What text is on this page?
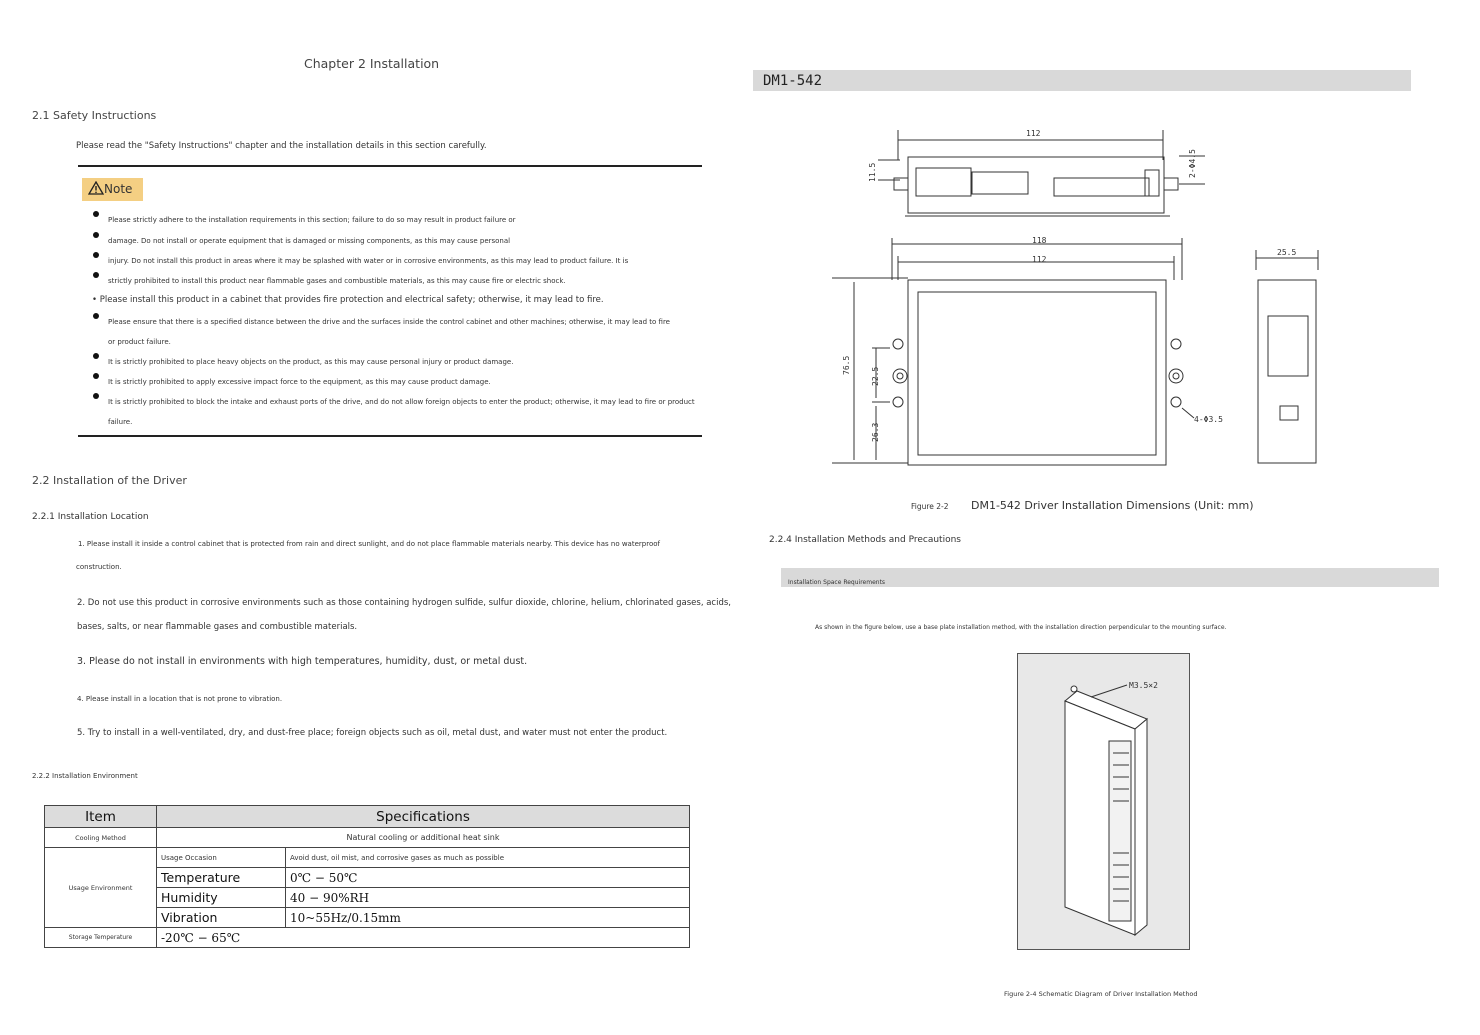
Chapter 2 Installation
2.1 Safety Instructions
Please read the "Safety Instructions" chapter and the installation details in this section carefully.
Note
Please strictly adhere to the installation requirements in this section; failure to do so may result in product failure or
damage. Do not install or operate equipment that is damaged or missing components, as this may cause personal
injury. Do not install this product in areas where it may be splashed with water or in corrosive environments, as this may lead to product failure. It is
strictly prohibited to install this product near flammable gases and combustible materials, as this may cause fire or electric shock.
• Please install this product in a cabinet that provides fire protection and electrical safety; otherwise, it may lead to fire.
Please ensure that there is a specified distance between the drive and the surfaces inside the control cabinet and other machines; otherwise, it may lead to fire
or product failure.
It is strictly prohibited to place heavy objects on the product, as this may cause personal injury or product damage.
It is strictly prohibited to apply excessive impact force to the equipment, as this may cause product damage.
It is strictly prohibited to block the intake and exhaust ports of the drive, and do not allow foreign objects to enter the product; otherwise, it may lead to fire or product
failure.
2.2 Installation of the Driver
2.2.1 Installation Location
1. Please install it inside a control cabinet that is protected from rain and direct sunlight, and do not place flammable materials nearby. This device has no waterproof
construction.
2. Do not use this product in corrosive environments such as those containing hydrogen sulfide, sulfur dioxide, chlorine, helium, chlorinated gases, acids,
bases, salts, or near flammable gases and combustible materials.
3. Please do not install in environments with high temperatures, humidity, dust, or metal dust.
4. Please install in a location that is not prone to vibration.
5. Try to install in a well-ventilated, dry, and dust-free place; foreign objects such as oil, metal dust, and water must not enter the product.
2.2.2 Installation Environment
Item	Specifications	
Cooling Method	Natural cooling or additional heat sink	
Usage Environment	Usage Occasion	Avoid dust, oil mist, and corrosive gases as much as possible
	Temperature	0℃ − 50℃
	Humidity	40 − 90%RH
	Vibration	10~55Hz/0.15mm
Storage Temperature	-20℃ − 65℃	
DM1-542
112
11.5	2-Φ4.5
118
112
25.5
76.5
22.5
26.3
4-Φ3.5
Figure 2-2 DM1-542 Driver Installation Dimensions (Unit: mm)
2.2.4 Installation Methods and Precautions
Installation Space Requirements
As shown in the figure below, use a base plate installation method, with the installation direction perpendicular to the mounting surface.
M3.5×2
Figure 2-4 Schematic Diagram of Driver Installation Method
